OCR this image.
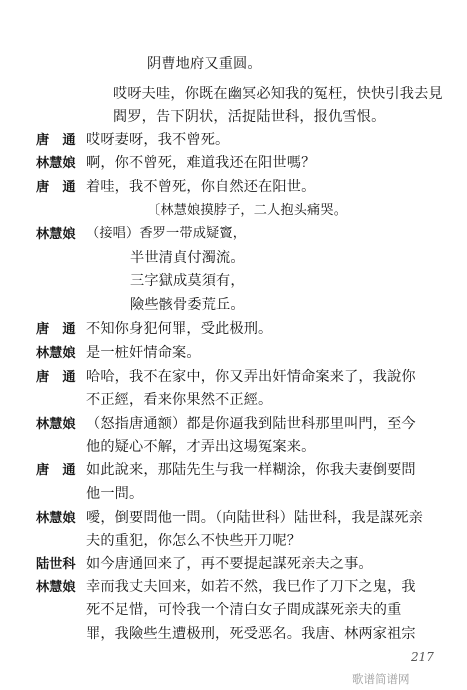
阴曹地府又重圆。
哎呀夫哇，你既在幽冥必知我的冤枉，快快引我去見
閻罗，告下阴状，活捉陆世科，报仇雪恨。
唐　通 哎呀妻呀，我不曾死。
林慧娘 啊，你不曾死，难道我还在阳世嗎？
唐　通 着哇，我不曾死，你自然还在阳世。
〔林慧娘摸脖子，二人抱头痛哭。
林慧娘 （接唱）香罗一带成疑竇，
半世清貞付濁流。
三字獄成莫須有，
險些骸骨委荒丘。
唐　通 不知你身犯何罪，受此极刑。
林慧娘 是一桩奸情命案。
唐　通 哈哈，我不在家中，你又弄出奸情命案来了，我說你
不正經，看来你果然不正經。
林慧娘 （怒指唐通额）都是你逼我到陆世科那里叫門，至今
他的疑心不解，才弄出这場冤案来。
唐　通 如此說来，那陆先生与我一样糊涂，你我夫妻倒要問
他一問。
林慧娘 噯，倒要問他一問。（向陆世科）陆世科，我是謀死亲
夫的重犯，你怎么不快些开刀呢？
陆世科 如今唐通回来了，再不要提起謀死亲夫之事。
林慧娘 幸而我丈夫回来，如若不然，我巳作了刀下之鬼，我
死不足惜，可怜我一个清白女子間成謀死亲夫的重
罪，我險些生遭极刑，死受恶名。我唐、林两家祖宗
217
歌谱简谱网
